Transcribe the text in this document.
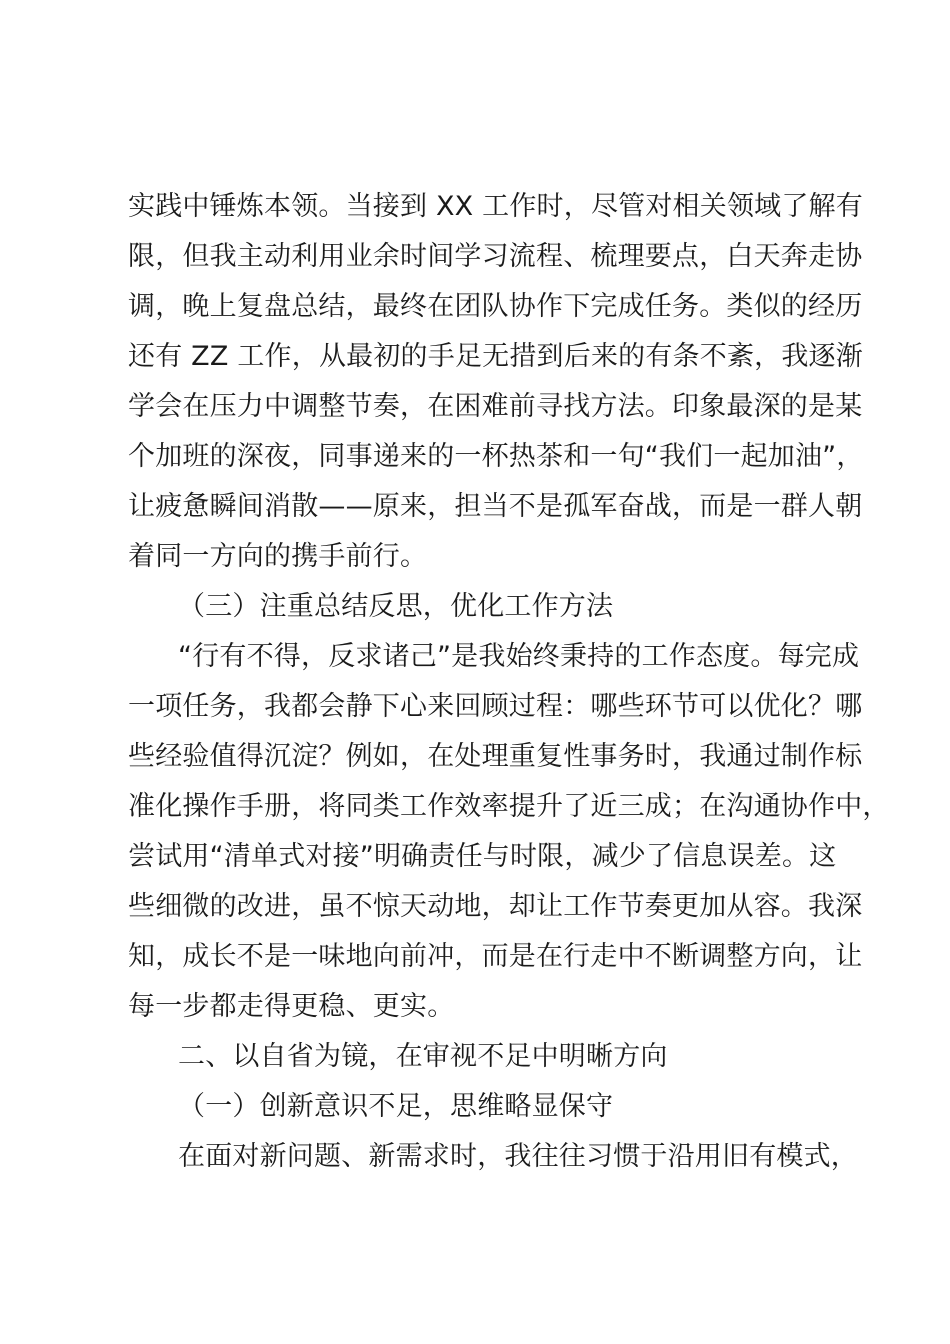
实践中锤炼本领。当接到 XX 工作时，尽管对相关领域了解有
限，但我主动利用业余时间学习流程、梳理要点，白天奔走协
调，晚上复盘总结，最终在团队协作下完成任务。类似的经历
还有 ZZ 工作，从最初的手足无措到后来的有条不紊，我逐渐
学会在压力中调整节奏，在困难前寻找方法。印象最深的是某
个加班的深夜，同事递来的一杯热茶和一句“我们一起加油”，
让疲惫瞬间消散——原来，担当不是孤军奋战，而是一群人朝
着同一方向的携手前行。
（三）注重总结反思，优化工作方法
“行有不得，反求诸己”是我始终秉持的工作态度。每完成
一项任务，我都会静下心来回顾过程：哪些环节可以优化？哪
些经验值得沉淀？例如，在处理重复性事务时，我通过制作标
准化操作手册，将同类工作效率提升了近三成；在沟通协作中，
尝试用“清单式对接”明确责任与时限，减少了信息误差。这
些细微的改进，虽不惊天动地，却让工作节奏更加从容。我深
知，成长不是一味地向前冲，而是在行走中不断调整方向，让
每一步都走得更稳、更实。
二、以自省为镜，在审视不足中明晰方向
（一）创新意识不足，思维略显保守
在面对新问题、新需求时，我往往习惯于沿用旧有模式，
